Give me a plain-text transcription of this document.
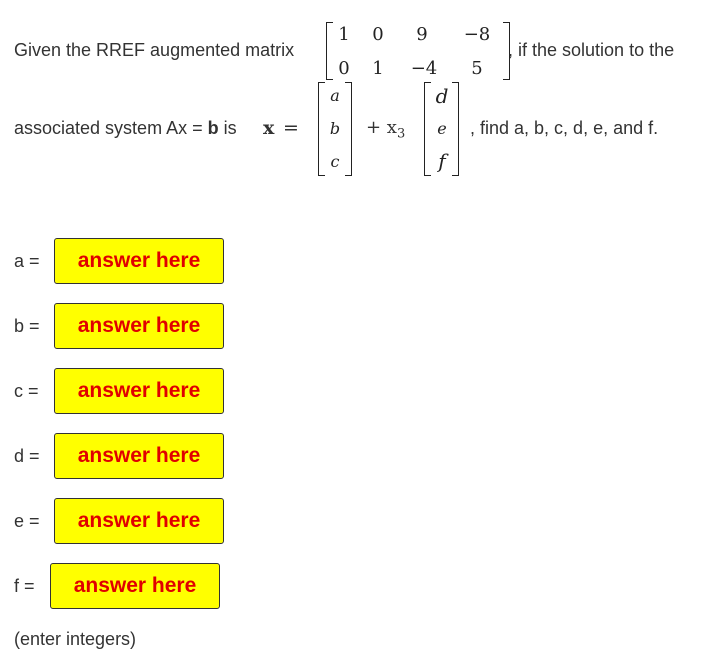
Given the RREF augmented matrix
1	0	9	−8
0	1	−4	5
, if the solution to the
associated system Ax = b is x =
a
b
c
+ $x_3$
d
e
f
, find a, b, c, d, e, and f.
a =	answer here
b =	answer here
c =	answer here
d =	answer here
e =	answer here
f =	answer here
(enter integers)
